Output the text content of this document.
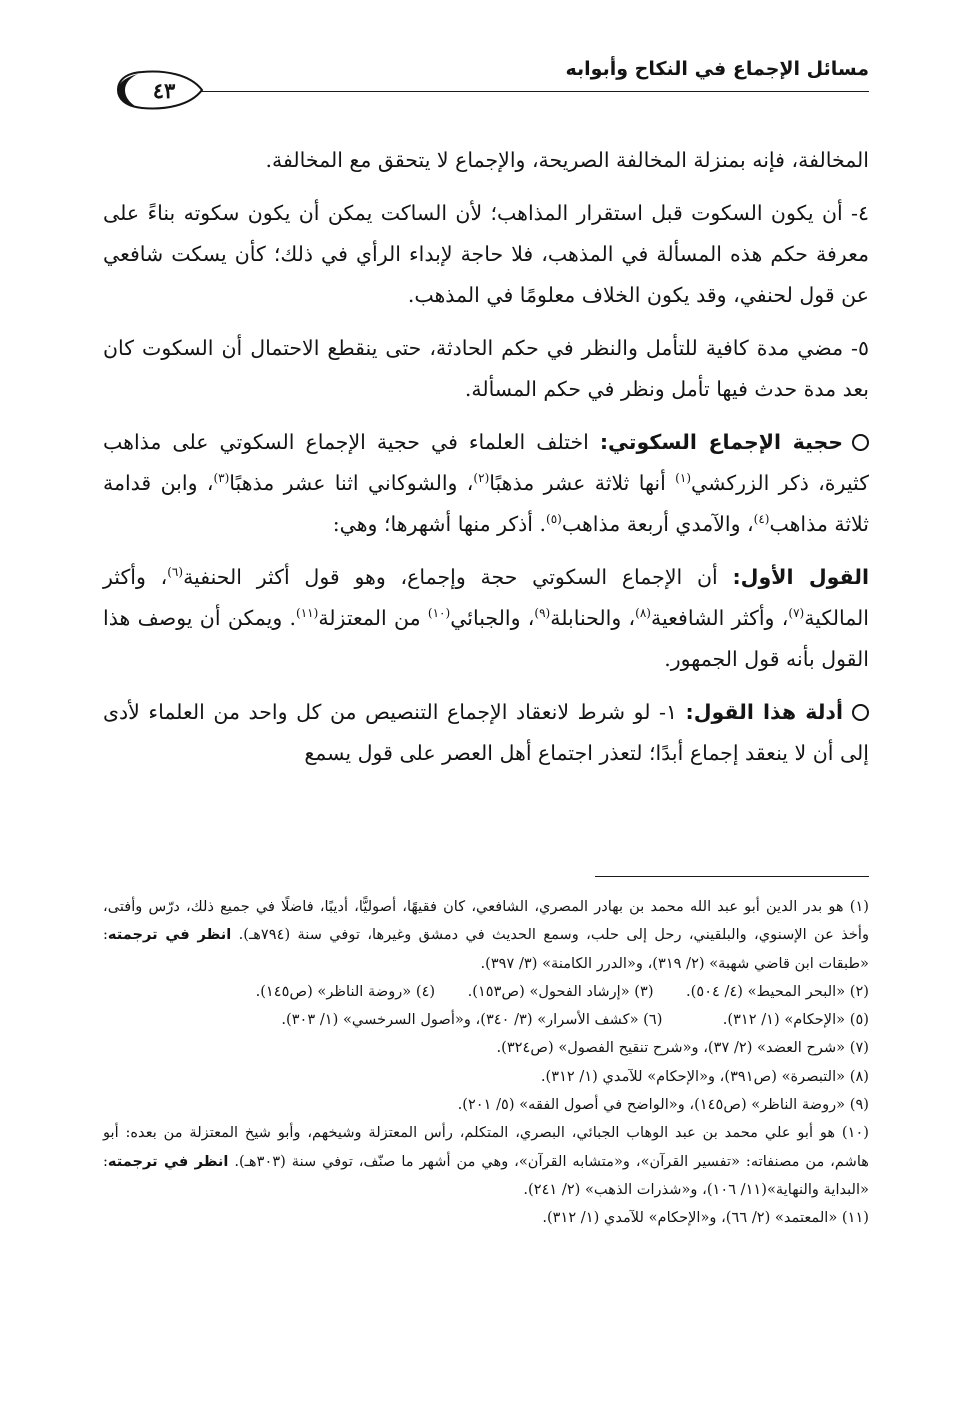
مسائل الإجماع في النكاح وأبوابه
٤٣

المخالفة، فإنه بمنزلة المخالفة الصريحة، والإجماع لا يتحقق مع المخالفة.

٤- أن يكون السكوت قبل استقرار المذاهب؛ لأن الساكت يمكن أن يكون سكوته بناءً على معرفة حكم هذه المسألة في المذهب، فلا حاجة لإبداء الرأي في ذلك؛ كأن يسكت شافعي عن قول لحنفي، وقد يكون الخلاف معلومًا في المذهب.

٥- مضي مدة كافية للتأمل والنظر في حكم الحادثة، حتى ينقطع الاحتمال أن السكوت كان بعد مدة حدث فيها تأمل ونظر في حكم المسألة.

حجية الإجماع السكوتي: اختلف العلماء في حجية الإجماع السكوتي على مذاهب كثيرة، ذكر الزركشي$^{(١)}$ أنها ثلاثة عشر مذهبًا$^{(٢)}$، والشوكاني اثنا عشر مذهبًا$^{(٣)}$، وابن قدامة ثلاثة مذاهب$^{(٤)}$، والآمدي أربعة مذاهب$^{(٥)}$. أذكر منها أشهرها؛ وهي:

القول الأول: أن الإجماع السكوتي حجة وإجماع، وهو قول أكثر الحنفية$^{(٦)}$، وأكثر المالكية$^{(٧)}$، وأكثر الشافعية$^{(٨)}$، والحنابلة$^{(٩)}$، والجبائي$^{(١٠)}$ من المعتزلة$^{(١١)}$. ويمكن أن يوصف هذا القول بأنه قول الجمهور.

أدلة هذا القول: ١- لو شرط لانعقاد الإجماع التنصيص من كل واحد من العلماء لأدى إلى أن لا ينعقد إجماع أبدًا؛ لتعذر اجتماع أهل العصر على قول يسمع

(١) هو بدر الدين أبو عبد الله محمد بن بهادر المصري، الشافعي، كان فقيهًا، أصوليًّا، أديبًا، فاضلًا في جميع ذلك، درّس وأفتى، وأخذ عن الإسنوي، والبلقيني، رحل إلى حلب، وسمع الحديث في دمشق وغيرها، توفي سنة (٧٩٤هـ). انظر في ترجمته: «طبقات ابن قاضي شهبة» (٢/ ٣١٩)، و«الدرر الكامنة» (٣/ ٣٩٧).

(٢) «البحر المحيط» (٤/ ٥٠٤).       (٣) «إرشاد الفحول» (ص١٥٣).       (٤) «روضة الناظر» (ص١٤٥).

(٥) «الإحكام» (١/ ٣١٢).             (٦) «كشف الأسرار» (٣/ ٣٤٠)، و«أصول السرخسي» (١/ ٣٠٣).

(٧) «شرح العضد» (٢/ ٣٧)، و«شرح تنقيح الفصول» (ص٣٢٤).

(٨) «التبصرة» (ص٣٩١)، و«الإحكام» للآمدي (١/ ٣١٢).

(٩) «روضة الناظر» (ص١٤٥)، و«الواضح في أصول الفقه» (٥/ ٢٠١).

(١٠) هو أبو علي محمد بن عبد الوهاب الجبائي، البصري، المتكلم، رأس المعتزلة وشيخهم، وأبو شيخ المعتزلة من بعده: أبو هاشم، من مصنفاته: «تفسير القرآن»، و«متشابه القرآن»، وهي من أشهر ما صنّف، توفي سنة (٣٠٣هـ). انظر في ترجمته: «البداية والنهاية»(١١/ ١٠٦)، و«شذرات الذهب» (٢/ ٢٤١).

(١١) «المعتمد» (٢/ ٦٦)، و«الإحكام» للآمدي (١/ ٣١٢).
